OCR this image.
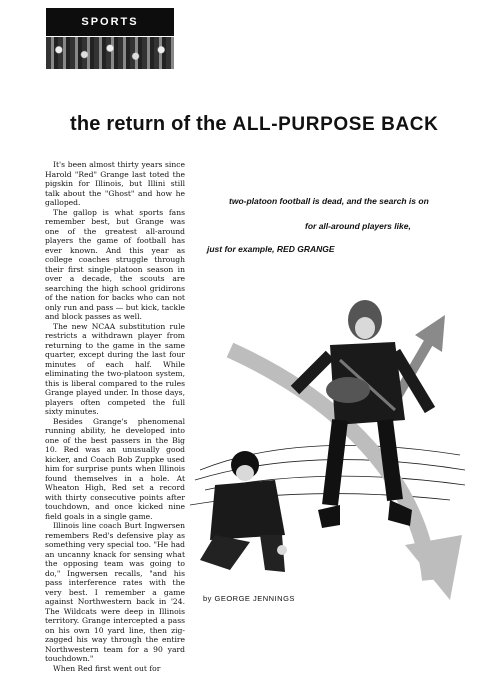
SPORTS
the return of the ALL-PURPOSE BACK

It's been almost thirty years since Harold "Red" Grange last toted the pigskin for Illinois, but Illini still talk about the "Ghost" and how he galloped.

The gallop is what sports fans remember best, but Grange was one of the greatest all-around players the game of football has ever known. And this year as college coaches struggle through their first single-platoon season in over a decade, the scouts are searching the high school gridirons of the nation for backs who can not only run and pass — but kick, tackle and block passes as well.

The new NCAA substitution rule restricts a withdrawn player from returning to the game in the same quarter, except during the last four minutes of each half. While eliminating the two-platoon system, this is liberal compared to the rules Grange played under. In those days, players often competed the full sixty minutes.

Besides Grange's phenomenal running ability, he developed into one of the best passers in the Big 10. Red was an unusually good kicker, and Coach Bob Zuppke used him for surprise punts when Illinois found themselves in a hole. At Wheaton High, Red set a record with thirty consecutive points after touchdown, and once kicked nine field goals in a single game.

Illinois line coach Burt Ingwersen remembers Red's defensive play as something very special too. "He had an uncanny knack for sensing what the opposing team was going to do," Ingwersen recalls, "and his pass interference rates with the very best. I remember a game against Northwestern back in '24. The Wildcats were deep in Illinois territory. Grange intercepted a pass on his own 10 yard line, then zig-zagged his way through the entire Northwestern team for a 90 yard touchdown."

When Red first went out for

two-platoon football is dead, and the search is on
for all-around players like,
just for example, RED GRANGE
by GEORGE JENNINGS
